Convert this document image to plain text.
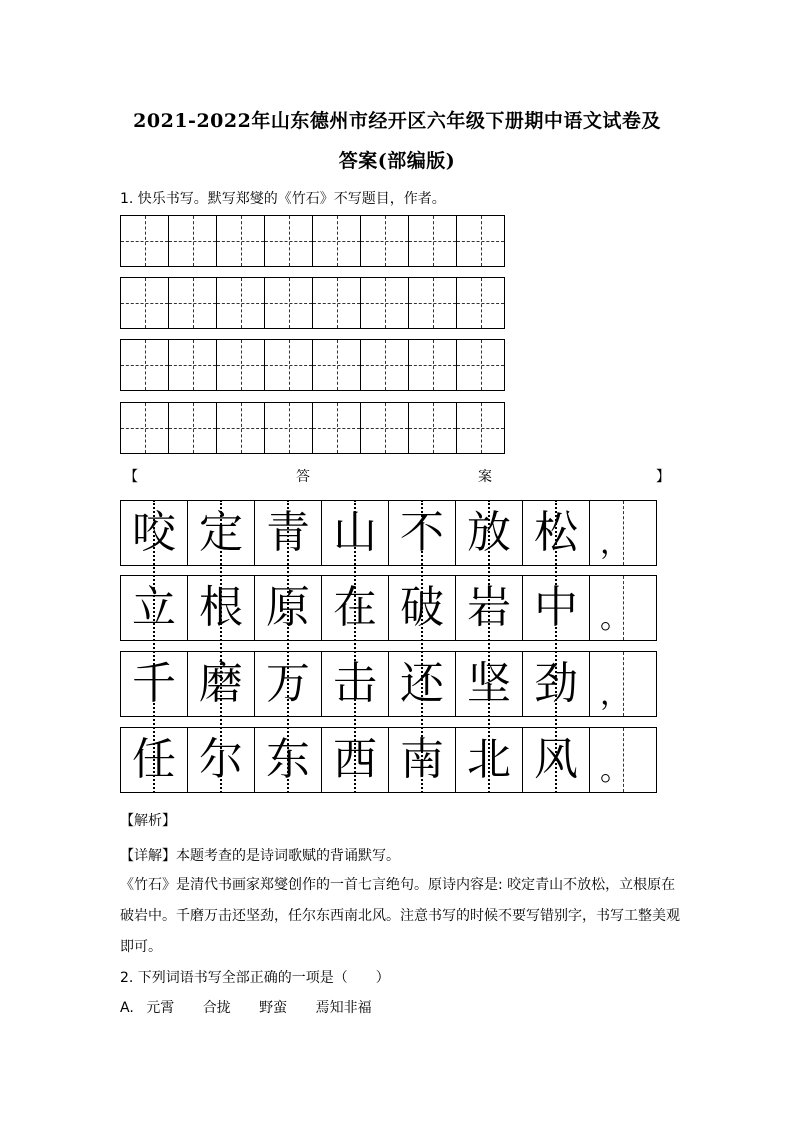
2021-2022年山东德州市经开区六年级下册期中语文试卷及
答案(部编版)
1. 快乐书写。默写郑燮的《竹石》不写题目，作者。
【	答	案	】
咬 定 青 山 不 放 松 ，
立 根 原 在 破 岩 中 。
千 磨 万 击 还 坚 劲 ，
任 尔 东 西 南 北 风 。
【解析】
【详解】本题考查的是诗词歌赋的背诵默写。
《竹石》是清代书画家郑燮创作的一首七言绝句。原诗内容是: 咬定青山不放松，立根原在
破岩中。千磨万击还坚劲，任尔东西南北风。注意书写的时候不要写错别字，书写工整美观
即可。
2. 下列词语书写全部正确的一项是（　　）
A. 元霄 合拢 野蛮 焉知非福
